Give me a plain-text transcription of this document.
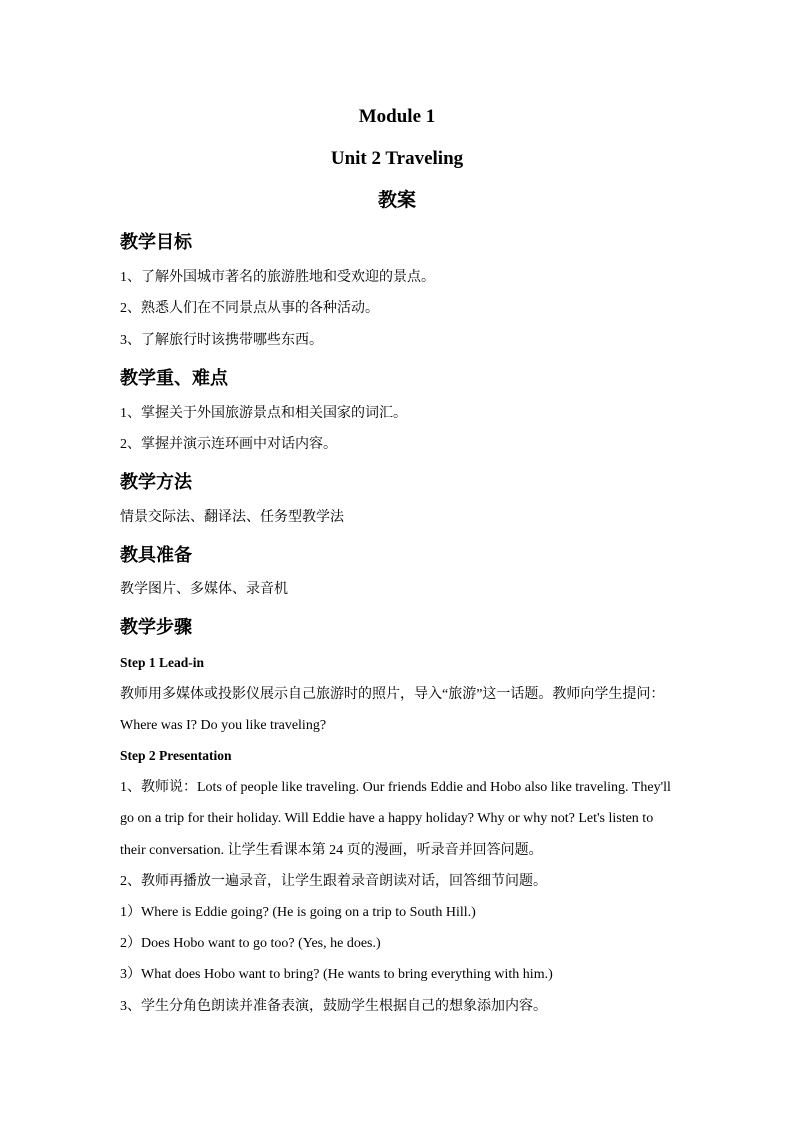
Module 1
Unit 2 Traveling
教案
教学目标
1、了解外国城市著名的旅游胜地和受欢迎的景点。
2、熟悉人们在不同景点从事的各种活动。
3、了解旅行时该携带哪些东西。
教学重、难点
1、掌握关于外国旅游景点和相关国家的词汇。
2、掌握并演示连环画中对话内容。
教学方法
情景交际法、翻译法、任务型教学法
教具准备
教学图片、多媒体、录音机
教学步骤
Step 1 Lead-in
教师用多媒体或投影仪展示自己旅游时的照片，导入“旅游”这一话题。教师向学生提问：
Where was I? Do you like traveling?
Step 2 Presentation
1、教师说：Lots of people like traveling. Our friends Eddie and Hobo also like traveling. They'll
go on a trip for their holiday. Will Eddie have a happy holiday? Why or why not? Let's listen to
their conversation. 让学生看课本第 24 页的漫画，听录音并回答问题。
2、教师再播放一遍录音，让学生跟着录音朗读对话，回答细节问题。
1）Where is Eddie going? (He is going on a trip to South Hill.)
2）Does Hobo want to go too? (Yes, he does.)
3）What does Hobo want to bring? (He wants to bring everything with him.)
3、学生分角色朗读并准备表演，鼓励学生根据自己的想象添加内容。
